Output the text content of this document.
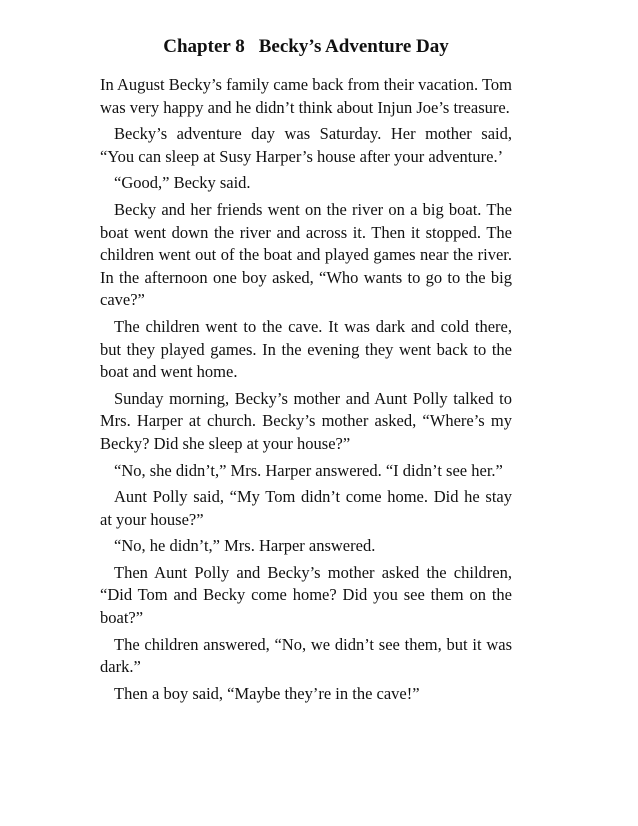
Chapter 8 Becky’s Adventure Day

In August Becky’s family came back from their vacation. Tom was very happy and he didn’t think about Injun Joe’s treasure.

Becky’s adventure day was Saturday. Her mother said, “You can sleep at Susy Harper’s house after your adventure.’

“Good,” Becky said.

Becky and her friends went on the river on a big boat. The boat went down the river and across it. Then it stopped. The children went out of the boat and played games near the river. In the afternoon one boy asked, “Who wants to go to the big cave?”

The children went to the cave. It was dark and cold there, but they played games. In the evening they went back to the boat and went home.

Sunday morning, Becky’s mother and Aunt Polly talked to Mrs. Harper at church. Becky’s mother asked, “Where’s my Becky? Did she sleep at your house?”

“No, she didn’t,” Mrs. Harper answered. “I didn’t see her.”

Aunt Polly said, “My Tom didn’t come home. Did he stay at your house?”

“No, he didn’t,” Mrs. Harper answered.

Then Aunt Polly and Becky’s mother asked the children, “Did Tom and Becky come home? Did you see them on the boat?”

The children answered, “No, we didn’t see them, but it was dark.”

Then a boy said, “Maybe they’re in the cave!”
